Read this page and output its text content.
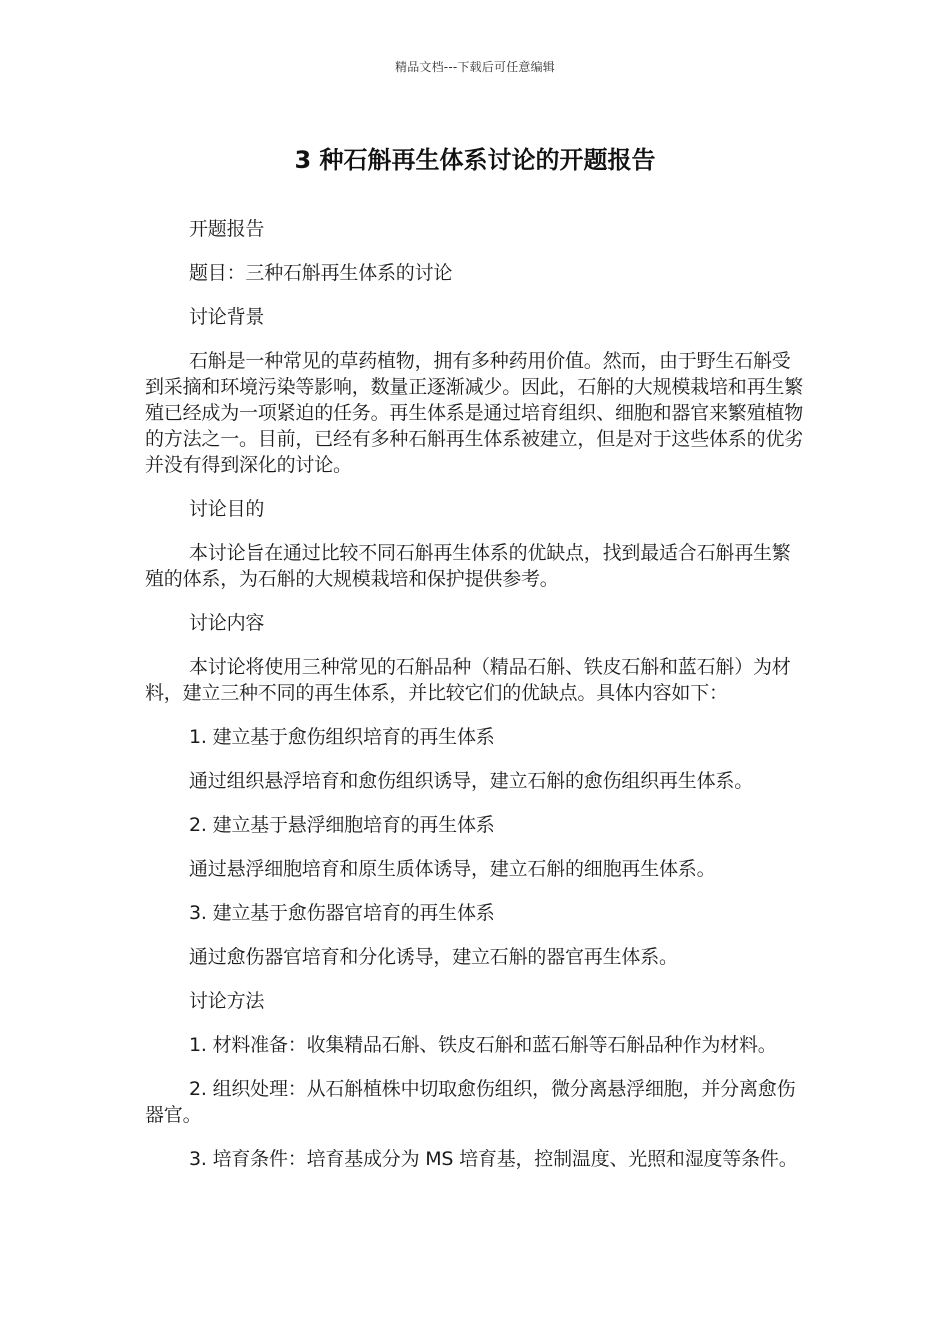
精品文档---下载后可任意编辑
3 种石斛再生体系讨论的开题报告

开题报告

题目：三种石斛再生体系的讨论

讨论背景

石斛是一种常见的草药植物，拥有多种药用价值。然而，由于野生石斛受到采摘和环境污染等影响，数量正逐渐减少。因此，石斛的大规模栽培和再生繁殖已经成为一项紧迫的任务。再生体系是通过培育组织、细胞和器官来繁殖植物的方法之一。目前，已经有多种石斛再生体系被建立，但是对于这些体系的优劣并没有得到深化的讨论。

讨论目的

本讨论旨在通过比较不同石斛再生体系的优缺点，找到最适合石斛再生繁殖的体系，为石斛的大规模栽培和保护提供参考。

讨论内容

本讨论将使用三种常见的石斛品种（精品石斛、铁皮石斛和蓝石斛）为材料，建立三种不同的再生体系，并比较它们的优缺点。具体内容如下：

1. 建立基于愈伤组织培育的再生体系

通过组织悬浮培育和愈伤组织诱导，建立石斛的愈伤组织再生体系。

2. 建立基于悬浮细胞培育的再生体系

通过悬浮细胞培育和原生质体诱导，建立石斛的细胞再生体系。

3. 建立基于愈伤器官培育的再生体系

通过愈伤器官培育和分化诱导，建立石斛的器官再生体系。

讨论方法

1. 材料准备：收集精品石斛、铁皮石斛和蓝石斛等石斛品种作为材料。

2. 组织处理：从石斛植株中切取愈伤组织，微分离悬浮细胞，并分离愈伤器官。

3. 培育条件：培育基成分为 MS 培育基，控制温度、光照和湿度等条件。
